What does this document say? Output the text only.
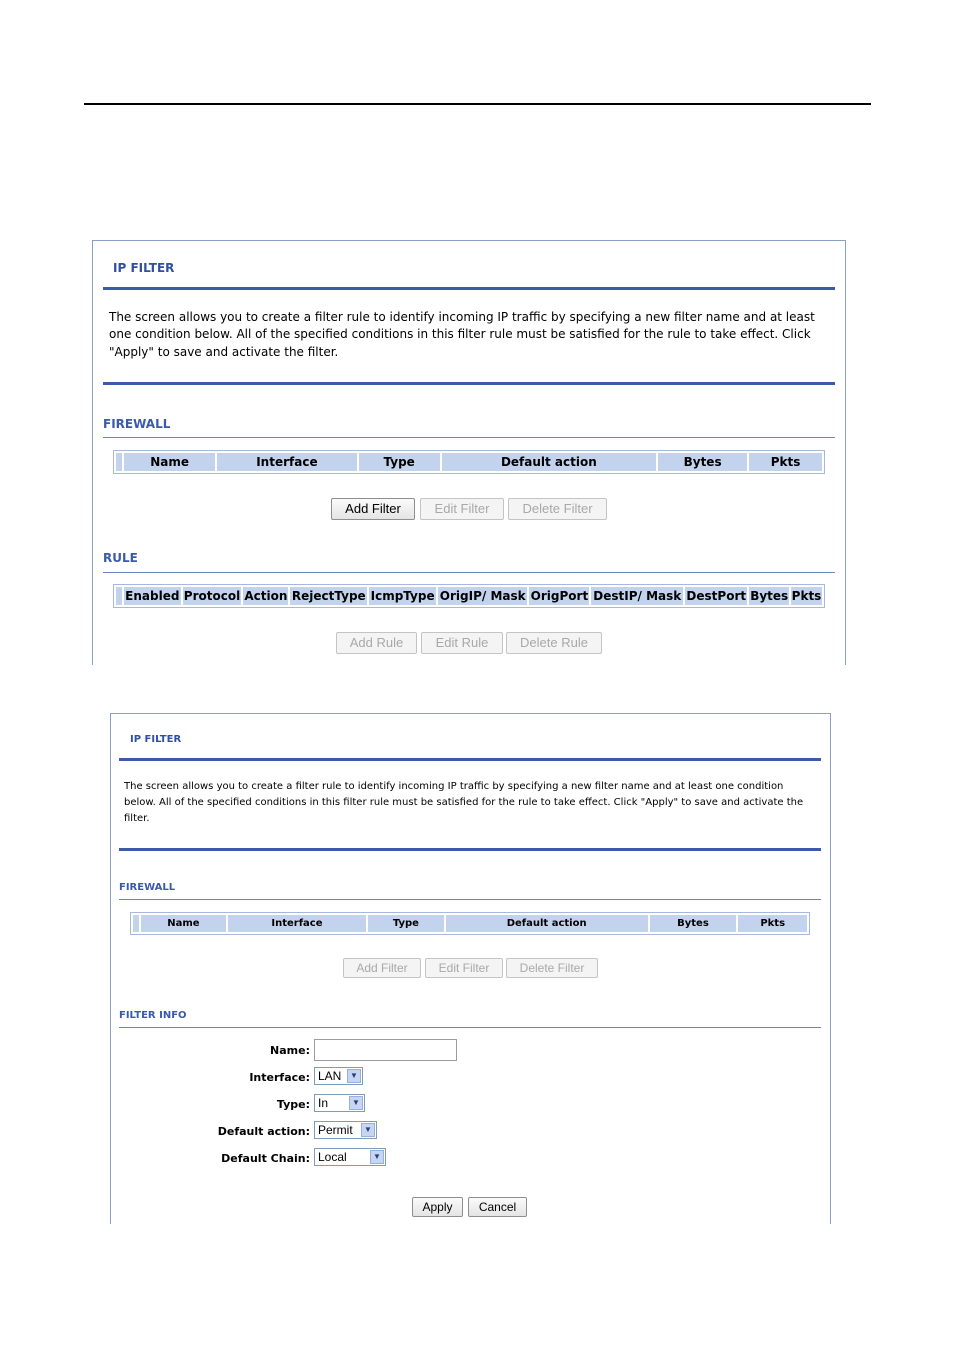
IP FILTER
The screen allows you to create a filter rule to identify incoming IP traffic by specifying a new filter name and at least one condition below. All of the specified conditions in this filter rule must be satisfied for the rule to take effect. Click "Apply" to save and activate the filter.
FIREWALL
	Name	Interface	Type	Default action	Bytes	Pkts
Add Filter	Edit Filter	Delete Filter
RULE
	Enabled	Protocol	Action	RejectType	IcmpType	OrigIP/ Mask	OrigPort	DestIP/ Mask	DestPort	Bytes	Pkts
Add Rule	Edit Rule	Delete Rule
IP FILTER
The screen allows you to create a filter rule to identify incoming IP traffic by specifying a new filter name and at least one condition below. All of the specified conditions in this filter rule must be satisfied for the rule to take effect. Click "Apply" to save and activate the filter.
FIREWALL
	Name	Interface	Type	Default action	Bytes	Pkts
Add Filter	Edit Filter	Delete Filter
FILTER INFO
Name:
Interface: LAN	▼
Type: In	▼
Default action: Permit	▼
Default Chain: Local	▼
Apply	Cancel
